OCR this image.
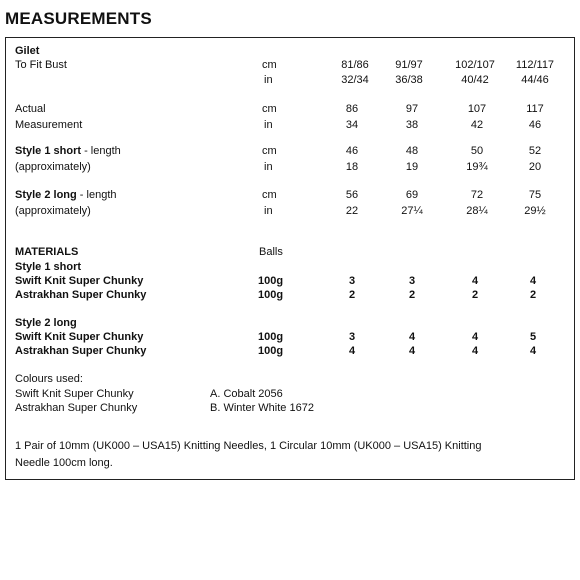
MEASUREMENTS
Gilet
To Fit Bust	cm	81/86	91/97	102/107	112/117
in	32/34	36/38	40/42	44/46
Actual	cm	86	97	107	117
Measurement	in	34	38	42	46
Style 1 short - length	cm	46	48	50	52
(approximately)	in	18	19	19¾	20
Style 2 long - length	cm	56	69	72	75
(approximately)	in	22	27¼	28¼	29½
MATERIALS	Balls
Style 1 short
Swift Knit Super Chunky	100g	3	3	4	4
Astrakhan Super Chunky	100g	2	2	2	2
Style 2 long
Swift Knit Super Chunky	100g	3	4	4	5
Astrakhan Super Chunky	100g	4	4	4	4
Colours used:
Swift Knit Super Chunky	A. Cobalt 2056
Astrakhan Super Chunky	B. Winter White 1672
1 Pair of 10mm (UK000 – USA15) Knitting Needles, 1 Circular 10mm (UK000 – USA15) Knitting
Needle 100cm long.
